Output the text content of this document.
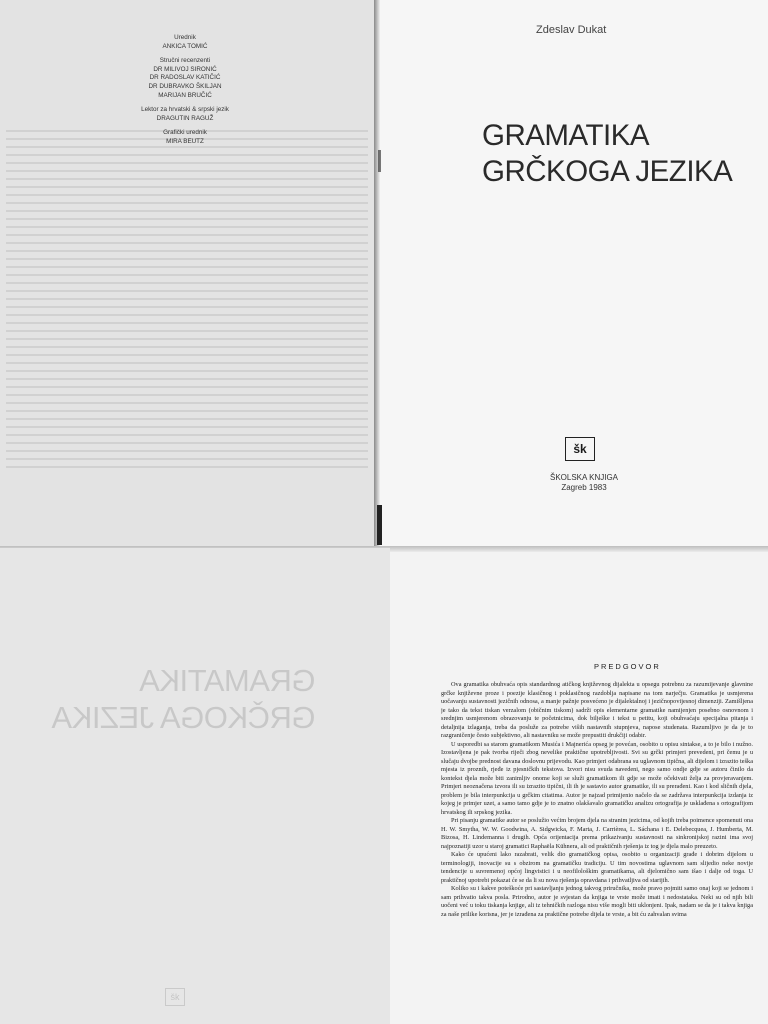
Urednik
ANKICA TOMIĆ
Stručni recenzenti
DR MILIVOJ SIRONIĆ
DR RADOSLAV KATIČIĆ
DR DUBRAVKO ŠKILJAN
MARIJAN BRUČIĆ
Lektor za hrvatski & srpski jezik
DRAGUTIN RAGUŽ
Grafički urednik
MIRA BEUTZ
Zdeslav Dukat
GRAMATIKA
GRČKOGA JEZIKA
šk
ŠKOLSKA KNJIGA
Zagreb 1983
GRAMATIKA
GRČKOGA JEZIKA
šk
PREDGOVOR

Ova gramatika obuhvaća opis standardnog atičkog književnog dijalekta u opsegu potrebnu za razumijevanje glavnine grčke književne proze i poezije klasičnog i poklasičnog razdoblja napisane na tom narječju. Gramatika je usmjerena uočavanju sustavnosti jezičnih odnosa, a manje pažnje posvećeno je dijalektalnoj i jezičnopovijesnoj dimenziji. Zamišljena je tako da tekst tiskan verzalom (običnim tiskom) sadrži opis elementarne gramatike namijenjen posebno osnovnom i srednjim usmjerenom obrazovanju te početnicima, dok bilješke i tekst u petitu, koji obuhvaćaju specijalna pitanja i detaljnija izlaganja, treba da posluže za potrebe viših nastavnih stupnjeva, napose studenata. Razumljivo je da je to razgraničenje često subjektivno, ali nastavniku se može prepustiti drukčiji odabir.

U usporedbi sa starom gramatikom Musića i Majnerića opseg je povećan, osobito u opisu sintakse, a to je bilo i nužno. Izostavljena je pak tvorba riječi zbog nevelike praktične upotrebljivosti. Svi su grčki primjeri prevedeni, pri čemu je u slučaju dvojbe prednost davana doslovnu prijevodu. Kao primjeri odabrana su uglavnom tipična, ali dijelom i izrazito teška mjesta iz proznih, rjeđe iz pjesničkih tekstova. Izvori nisu svuda navedeni, nego samo ondje gdje se autoru činilo da kontekst djela može biti zanimljiv onome koji se služi gramatikom ili gdje se može očekivati želja za provjeravanjem. Primjeri neoznačena izvora ili su izrazito tipični, ili ih je sastavio autor gramatike, ili su prerađeni. Kao i kod sličnih djela, problem je bila interpunkcija u grčkim citatima. Autor je najzad primijenio načelo da se zadržava interpunkcija izdanja iz kojeg je primjer uzet, a samo tamo gdje je to znatno olakšavalo gramatičku analizu ortografija je usklađena s ortografijom hrvatskog ili srpskog jezika.

Pri pisanju gramatike autor se poslužio većim brojem djela na stranim jezicima, od kojih treba poimence spomenuti ona H. W. Smytha, W. W. Goodwina, A. Sidgwicka, F. Marta, J. Carrièrea, L. Sáchana i E. Delebecquea, J. Humberta, M. Bizosa, H. Lindemanna i drugih. Opća orijentacija prema prikazivanju sustavnosti na sinkronijskoj razini ima svoj najpoznatiji uzor u staroj gramatici Raphaëla Kühnera, ali od praktičnih rješenja iz tog je djela malo preuzeto.

Kako će upućeni lako razabrati, velik dio gramatičkog opisa, osobito u organizaciji građe i dobrim dijelom u terminologiji, inovacije su s obzirom na gramatičku tradiciju. U tim novostima uglavnom sam slijedio neke novije tendencije u suvremenoj općoj lingvistici i u neofilološkim gramatikama, ali djelomično sam išao i dalje od toga. U praktičnoj upotrebi pokazat će se da li su nova rješenja opravdana i prihvatljiva od starijih.

Koliko su i kakve poteškoće pri sastavljanju jednog takvog priručnika, može pravo pojmiti samo onaj koji se jednom i sam prihvatio takva posla. Prirodno, autor je svjestan da knjiga te vrste može imati i nedostataka. Neki su od njih bili uočeni već u toku tiskanja knjige, ali iz tehničkih razloga nisu više mogli biti uklonjeni. Ipak, nadam se da je i takva knjiga za naše prilike korisna, jer je izrađena za praktične potrebe dijela te vrste, a bit ću zahvalan svima
